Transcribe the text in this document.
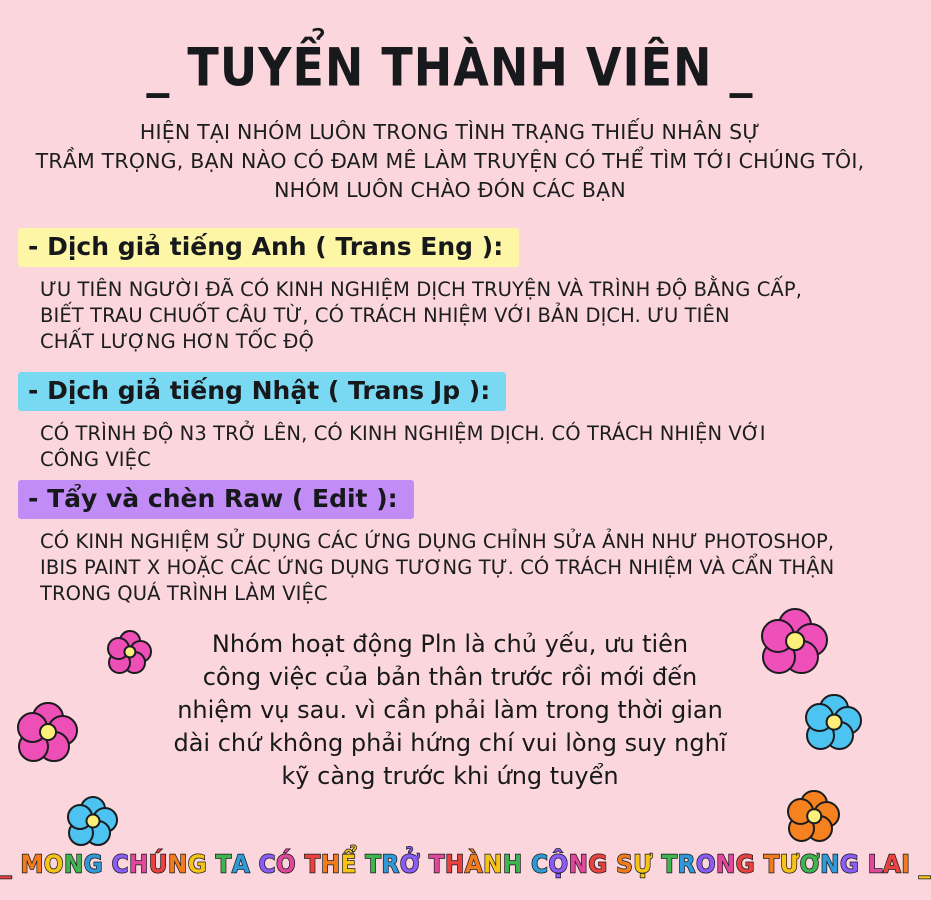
_ TUYỂN THÀNH VIÊN _
HIỆN TẠI NHÓM LUÔN TRONG TÌNH TRẠNG THIẾU NHÂN SỰ
TRẦM TRỌNG, BẠN NÀO CÓ ĐAM MÊ LÀM TRUYỆN CÓ THỂ TÌM TỚI CHÚNG TÔI,
NHÓM LUÔN CHÀO ĐÓN CÁC BẠN
- Dịch giả tiếng Anh ( Trans Eng ):
ƯU TIÊN NGƯỜI ĐÃ CÓ KINH NGHIỆM DỊCH TRUYỆN VÀ TRÌNH ĐỘ BẰNG CẤP,
BIẾT TRAU CHUỐT CÂU TỪ, CÓ TRÁCH NHIỆM VỚI BẢN DỊCH. ƯU TIÊN
CHẤT LƯỢNG HƠN TỐC ĐỘ
- Dịch giả tiếng Nhật ( Trans Jp ):
CÓ TRÌNH ĐỘ N3 TRỞ LÊN, CÓ KINH NGHIỆM DỊCH. CÓ TRÁCH NHIỆN VỚI
CÔNG VIỆC
- Tẩy và chèn Raw ( Edit ):
CÓ KINH NGHIỆM SỬ DỤNG CÁC ỨNG DỤNG CHỈNH SỬA ẢNH NHƯ PHOTOSHOP,
IBIS PAINT X HOẶC CÁC ỨNG DỤNG TƯƠNG TỰ. CÓ TRÁCH NHIỆM VÀ CẨN THẬN
TRONG QUÁ TRÌNH LÀM VIỆC
Nhóm hoạt động Pln là chủ yếu, ưu tiên
công việc của bản thân trước rồi mới đến
nhiệm vụ sau. vì cần phải làm trong thời gian
dài chứ không phải hứng chí vui lòng suy nghĩ
kỹ càng trước khi ứng tuyển
_ MONG CHÚNG TA CÓ THỂ TRỞ THÀNH CỘNG SỰ TRONG TƯƠNG LAI _
